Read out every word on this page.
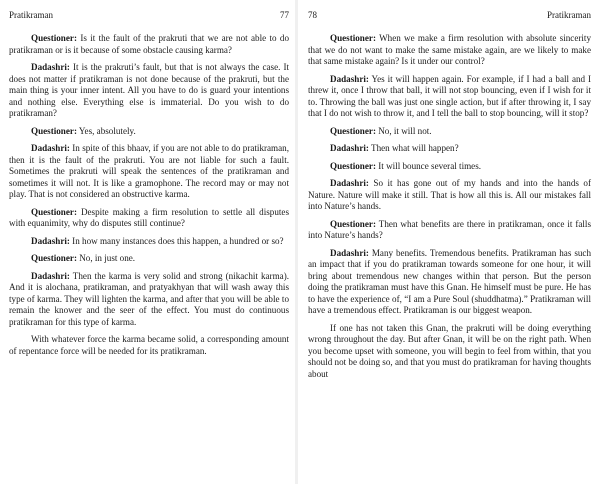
Pratikraman	77

Questioner: Is it the fault of the prakruti that we are not able to do pratikraman or is it because of some obstacle causing karma?

Dadashri: It is the prakruti’s fault, but that is not always the case. It does not matter if pratikraman is not done because of the prakruti, but the main thing is your inner intent. All you have to do is guard your intentions and nothing else. Everything else is immaterial. Do you wish to do pratikraman?

Questioner: Yes, absolutely.

Dadashri: In spite of this bhaav, if you are not able to do pratikraman, then it is the fault of the prakruti. You are not liable for such a fault. Sometimes the prakruti will speak the sentences of the pratikraman and sometimes it will not. It is like a gramophone. The record may or may not play. That is not considered an obstructive karma.

Questioner: Despite making a firm resolution to settle all disputes with equanimity, why do disputes still continue?

Dadashri: In how many instances does this happen, a hundred or so?

Questioner: No, in just one.

Dadashri: Then the karma is very solid and strong (nikachit karma). And it is alochana, pratikraman, and pratyakhyan that will wash away this type of karma. They will lighten the karma, and after that you will be able to remain the knower and the seer of the effect. You must do continuous pratikraman for this type of karma.

With whatever force the karma became solid, a corresponding amount of repentance force will be needed for its pratikraman.

78	Pratikraman

Questioner: When we make a firm resolution with absolute sincerity that we do not want to make the same mistake again, are we likely to make that same mistake again? Is it under our control?

Dadashri: Yes it will happen again. For example, if I had a ball and I threw it, once I throw that ball, it will not stop bouncing, even if I wish for it to. Throwing the ball was just one single action, but if after throwing it, I say that I do not wish to throw it, and I tell the ball to stop bouncing, will it stop?

Questioner: No, it will not.

Dadashri: Then what will happen?

Questioner: It will bounce several times.

Dadashri: So it has gone out of my hands and into the hands of Nature. Nature will make it still. That is how all this is. All our mistakes fall into Nature’s hands.

Questioner: Then what benefits are there in pratikraman, once it falls into Nature’s hands?

Dadashri: Many benefits. Tremendous benefits. Pratikraman has such an impact that if you do pratikraman towards someone for one hour, it will bring about tremendous new changes within that person. But the person doing the pratikraman must have this Gnan. He himself must be pure. He has to have the experience of, “I am a Pure Soul (shuddhatma).” Pratikraman will have a tremendous effect. Pratikraman is our biggest weapon.

If one has not taken this Gnan, the prakruti will be doing everything wrong throughout the day. But after Gnan, it will be on the right path. When you become upset with someone, you will begin to feel from within, that you should not be doing so, and that you must do pratikraman for having thoughts about
